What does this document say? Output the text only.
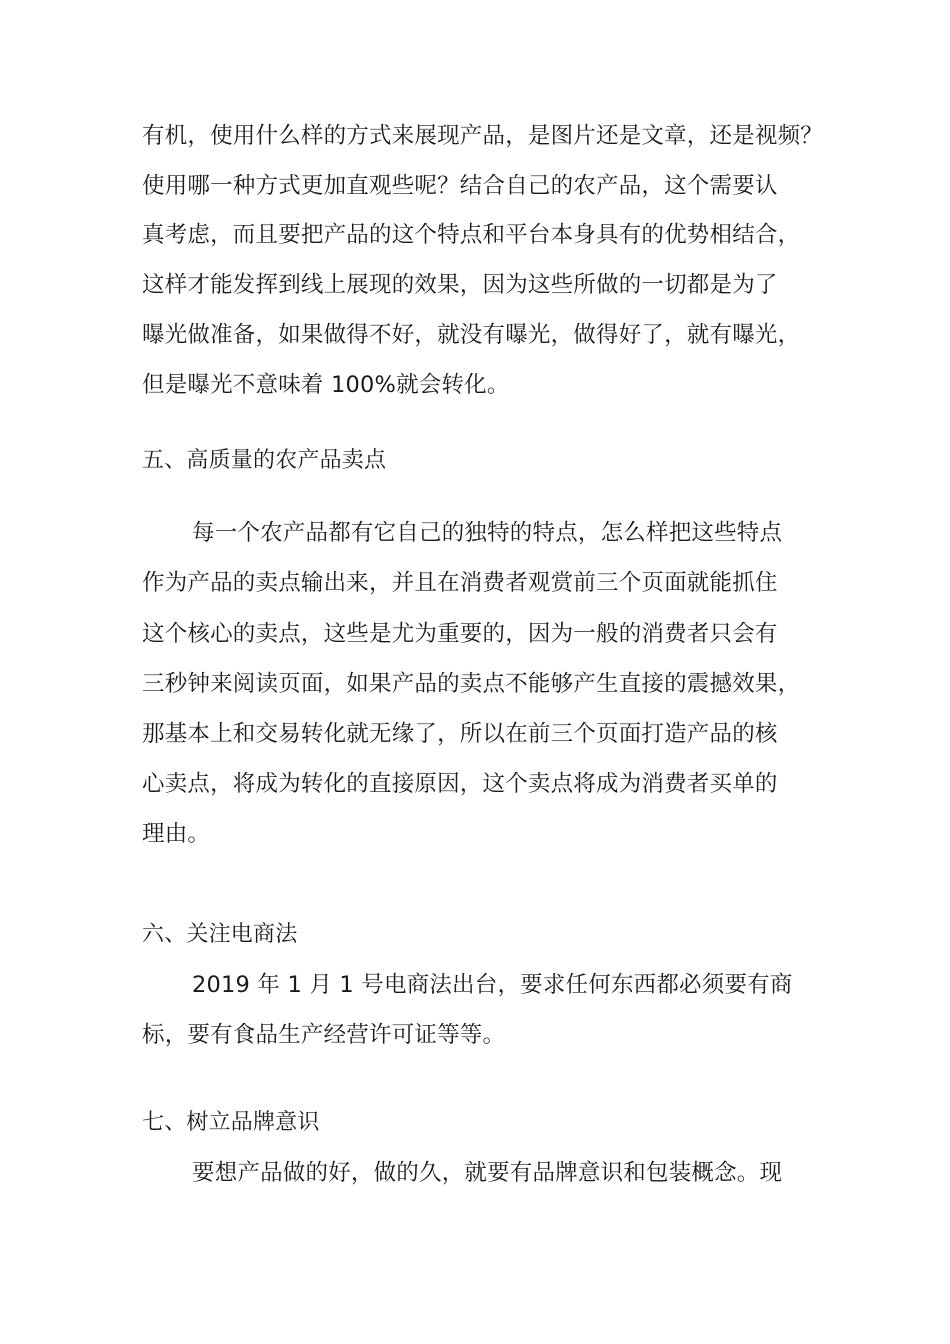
有机，使用什么样的方式来展现产品，是图片还是文章，还是视频？
使用哪一种方式更加直观些呢？结合自己的农产品，这个需要认
真考虑，而且要把产品的这个特点和平台本身具有的优势相结合，
这样才能发挥到线上展现的效果，因为这些所做的一切都是为了
曝光做准备，如果做得不好，就没有曝光，做得好了，就有曝光，
但是曝光不意味着 100%就会转化。
五、高质量的农产品卖点
每一个农产品都有它自己的独特的特点，怎么样把这些特点
作为产品的卖点输出来，并且在消费者观赏前三个页面就能抓住
这个核心的卖点，这些是尤为重要的，因为一般的消费者只会有
三秒钟来阅读页面，如果产品的卖点不能够产生直接的震撼效果，
那基本上和交易转化就无缘了，所以在前三个页面打造产品的核
心卖点，将成为转化的直接原因，这个卖点将成为消费者买单的
理由。
六、关注电商法
2019 年 1 月 1 号电商法出台，要求任何东西都必须要有商
标，要有食品生产经营许可证等等。
七、树立品牌意识
要想产品做的好，做的久，就要有品牌意识和包装概念。现
